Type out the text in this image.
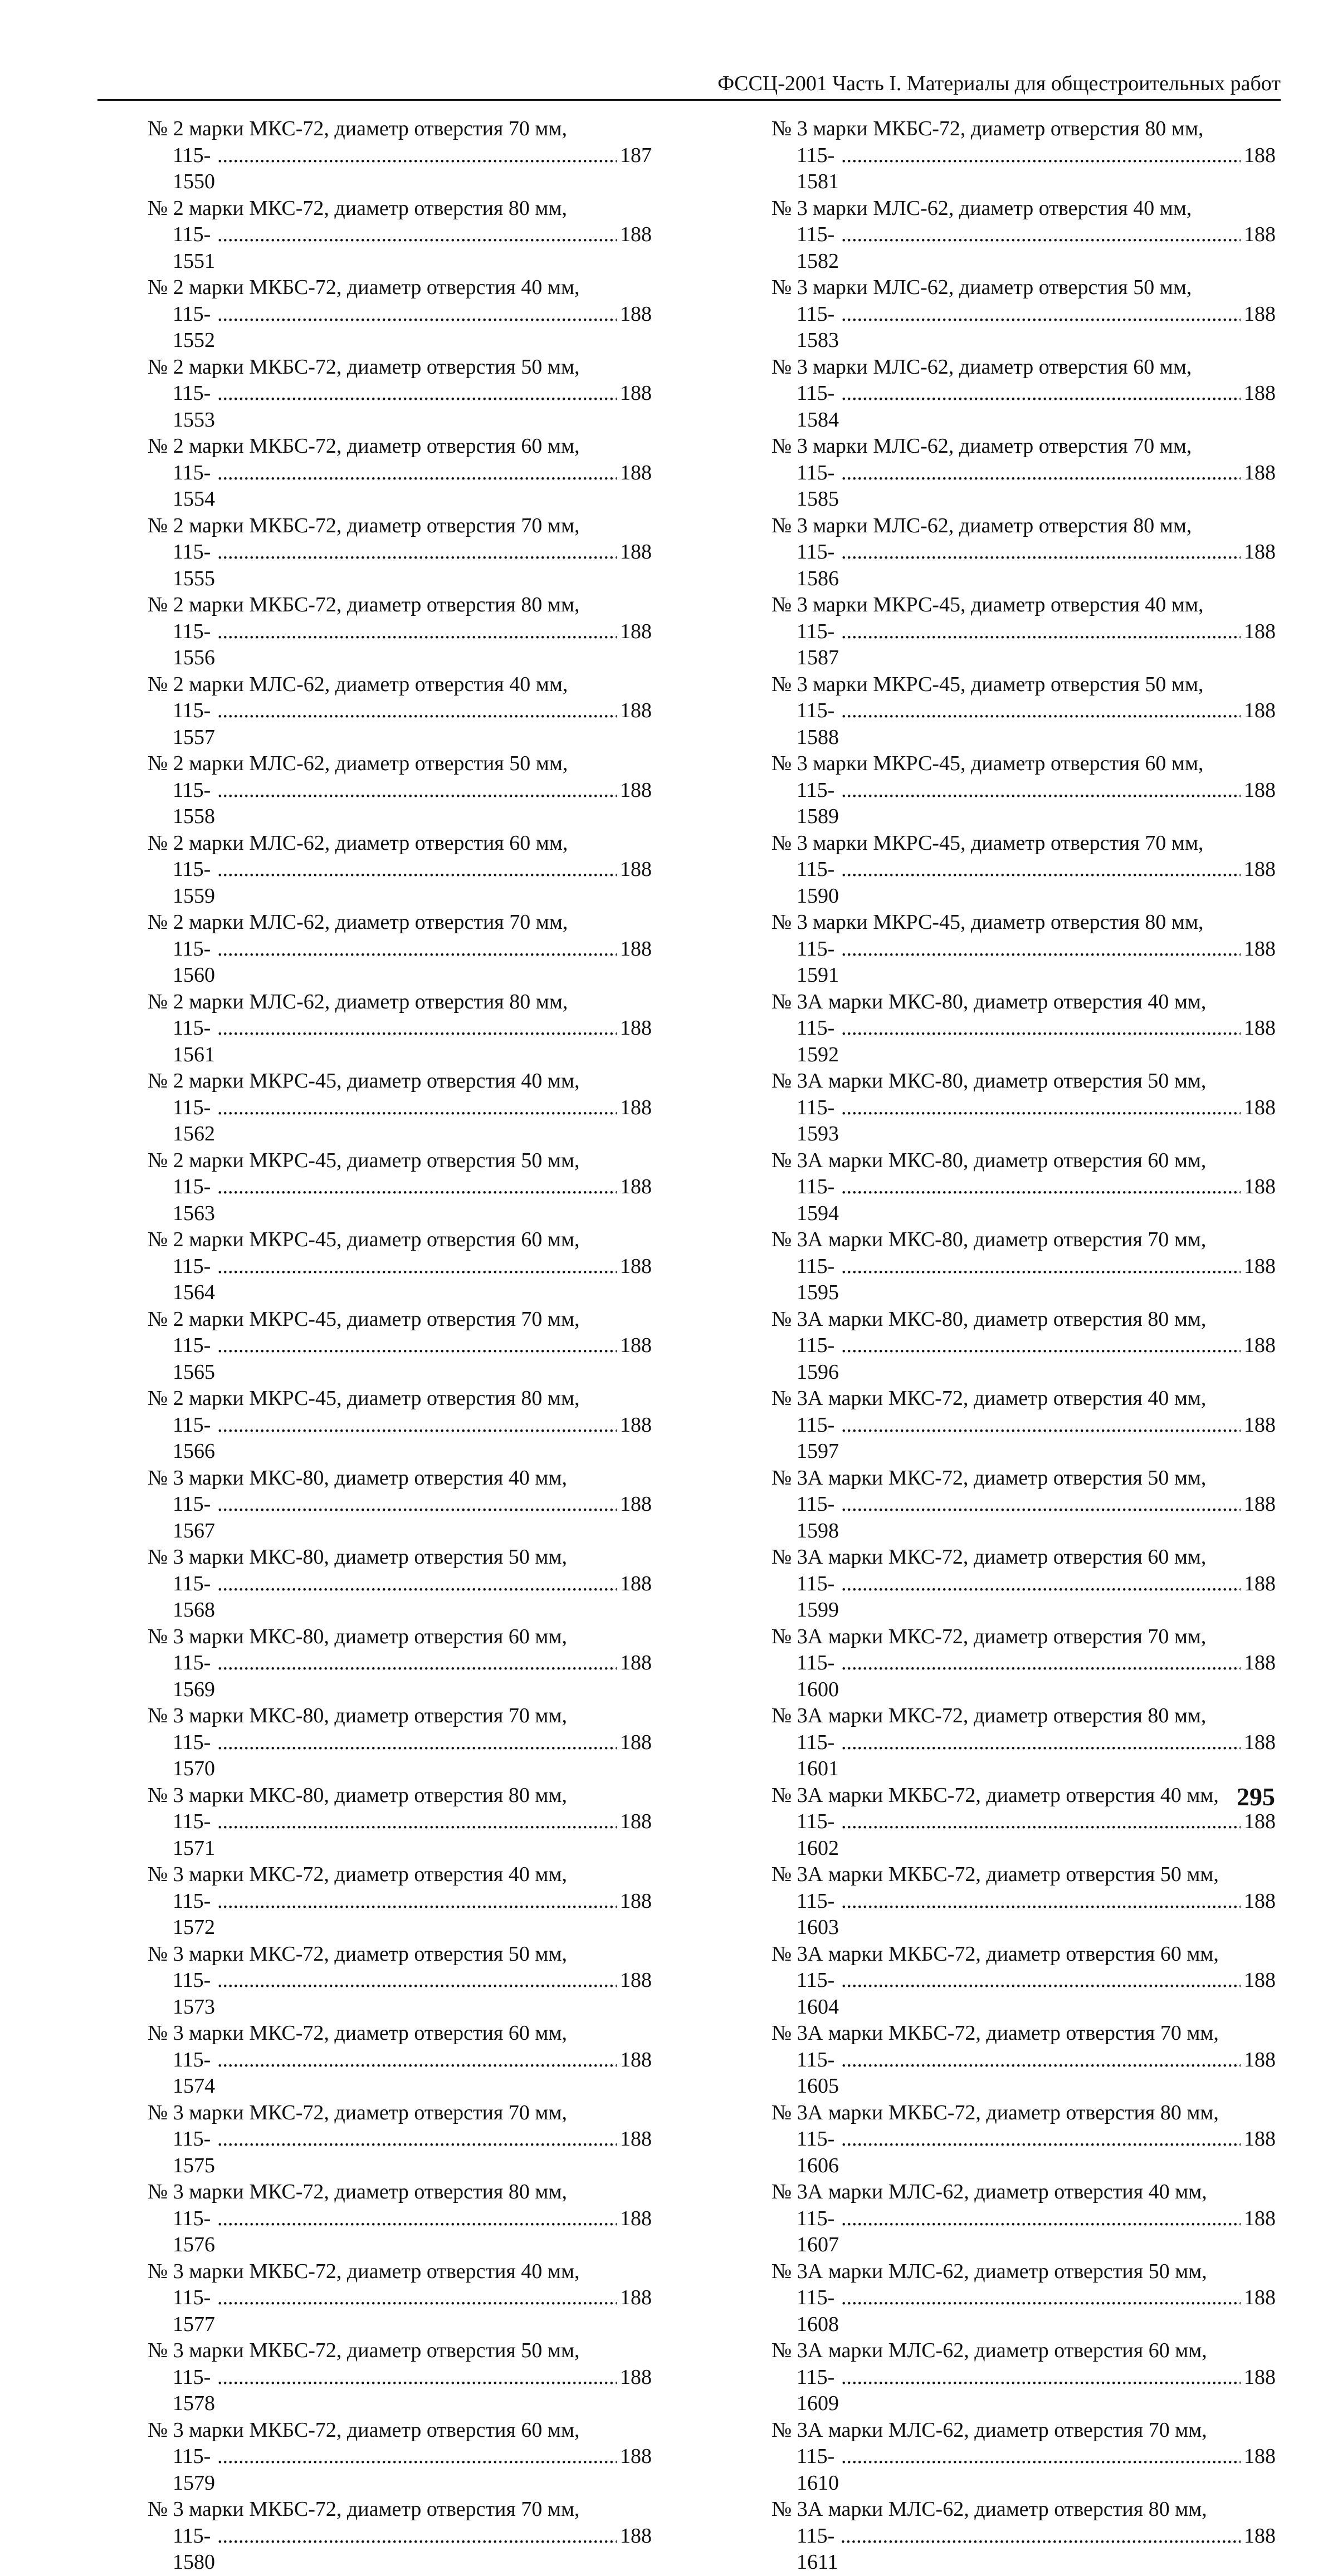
ФССЦ-2001 Часть I. Материалы для общестроительных работ
№ 2 марки МКС-72, диаметр отверстия 70 мм,
115-1550
.....
187
№ 2 марки МКС-72, диаметр отверстия 80 мм,
115-1551
.....
188
№ 2 марки МКБС-72, диаметр отверстия 40 мм,
115-1552
.....
188
№ 2 марки МКБС-72, диаметр отверстия 50 мм,
115-1553
.....
188
№ 2 марки МКБС-72, диаметр отверстия 60 мм,
115-1554
.....
188
№ 2 марки МКБС-72, диаметр отверстия 70 мм,
115-1555
.....
188
№ 2 марки МКБС-72, диаметр отверстия 80 мм,
115-1556
.....
188
№ 2 марки МЛС-62, диаметр отверстия 40 мм,
115-1557
.....
188
№ 2 марки МЛС-62, диаметр отверстия 50 мм,
115-1558
.....
188
№ 2 марки МЛС-62, диаметр отверстия 60 мм,
115-1559
.....
188
№ 2 марки МЛС-62, диаметр отверстия 70 мм,
115-1560
.....
188
№ 2 марки МЛС-62, диаметр отверстия 80 мм,
115-1561
.....
188
№ 2 марки МКРС-45, диаметр отверстия 40 мм,
115-1562
.....
188
№ 2 марки МКРС-45, диаметр отверстия 50 мм,
115-1563
.....
188
№ 2 марки МКРС-45, диаметр отверстия 60 мм,
115-1564
.....
188
№ 2 марки МКРС-45, диаметр отверстия 70 мм,
115-1565
.....
188
№ 2 марки МКРС-45, диаметр отверстия 80 мм,
115-1566
.....
188
№ 3 марки МКС-80, диаметр отверстия 40 мм,
115-1567
.....
188
№ 3 марки МКС-80, диаметр отверстия 50 мм,
115-1568
.....
188
№ 3 марки МКС-80, диаметр отверстия 60 мм,
115-1569
.....
188
№ 3 марки МКС-80, диаметр отверстия 70 мм,
115-1570
.....
188
№ 3 марки МКС-80, диаметр отверстия 80 мм,
115-1571
.....
188
№ 3 марки МКС-72, диаметр отверстия 40 мм,
115-1572
.....
188
№ 3 марки МКС-72, диаметр отверстия 50 мм,
115-1573
.....
188
№ 3 марки МКС-72, диаметр отверстия 60 мм,
115-1574
.....
188
№ 3 марки МКС-72, диаметр отверстия 70 мм,
115-1575
.....
188
№ 3 марки МКС-72, диаметр отверстия 80 мм,
115-1576
.....
188
№ 3 марки МКБС-72, диаметр отверстия 40 мм,
115-1577
.....
188
№ 3 марки МКБС-72, диаметр отверстия 50 мм,
115-1578
.....
188
№ 3 марки МКБС-72, диаметр отверстия 60 мм,
115-1579
.....
188
№ 3 марки МКБС-72, диаметр отверстия 70 мм,
115-1580
.....
188
№ 3 марки МКБС-72, диаметр отверстия 80 мм,
115-1581
.....
188
№ 3 марки МЛС-62, диаметр отверстия 40 мм,
115-1582
.....
188
№ 3 марки МЛС-62, диаметр отверстия 50 мм,
115-1583
.....
188
№ 3 марки МЛС-62, диаметр отверстия 60 мм,
115-1584
.....
188
№ 3 марки МЛС-62, диаметр отверстия 70 мм,
115-1585
.....
188
№ 3 марки МЛС-62, диаметр отверстия 80 мм,
115-1586
.....
188
№ 3 марки МКРС-45, диаметр отверстия 40 мм,
115-1587
.....
188
№ 3 марки МКРС-45, диаметр отверстия 50 мм,
115-1588
.....
188
№ 3 марки МКРС-45, диаметр отверстия 60 мм,
115-1589
.....
188
№ 3 марки МКРС-45, диаметр отверстия 70 мм,
115-1590
.....
188
№ 3 марки МКРС-45, диаметр отверстия 80 мм,
115-1591
.....
188
№ 3А марки МКС-80, диаметр отверстия 40 мм,
115-1592
.....
188
№ 3А марки МКС-80, диаметр отверстия 50 мм,
115-1593
.....
188
№ 3А марки МКС-80, диаметр отверстия 60 мм,
115-1594
.....
188
№ 3А марки МКС-80, диаметр отверстия 70 мм,
115-1595
.....
188
№ 3А марки МКС-80, диаметр отверстия 80 мм,
115-1596
.....
188
№ 3А марки МКС-72, диаметр отверстия 40 мм,
115-1597
.....
188
№ 3А марки МКС-72, диаметр отверстия 50 мм,
115-1598
.....
188
№ 3А марки МКС-72, диаметр отверстия 60 мм,
115-1599
.....
188
№ 3А марки МКС-72, диаметр отверстия 70 мм,
115-1600
.....
188
№ 3А марки МКС-72, диаметр отверстия 80 мм,
115-1601
.....
188
№ 3А марки МКБС-72, диаметр отверстия 40 мм,
115-1602
.....
188
№ 3А марки МКБС-72, диаметр отверстия 50 мм,
115-1603
.....
188
№ 3А марки МКБС-72, диаметр отверстия 60 мм,
115-1604
.....
188
№ 3А марки МКБС-72, диаметр отверстия 70 мм,
115-1605
.....
188
№ 3А марки МКБС-72, диаметр отверстия 80 мм,
115-1606
.....
188
№ 3А марки МЛС-62, диаметр отверстия 40 мм,
115-1607
.....
188
№ 3А марки МЛС-62, диаметр отверстия 50 мм,
115-1608
.....
188
№ 3А марки МЛС-62, диаметр отверстия 60 мм,
115-1609
.....
188
№ 3А марки МЛС-62, диаметр отверстия 70 мм,
115-1610
.....
188
№ 3А марки МЛС-62, диаметр отверстия 80 мм,
115-1611
.....
188
295
